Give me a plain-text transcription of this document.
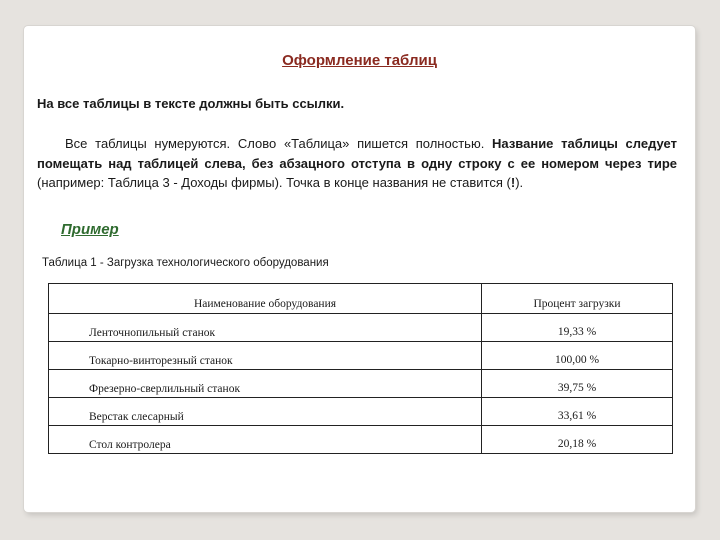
Оформление таблиц
На все таблицы в тексте должны быть ссылки.
Все таблицы нумеруются. Слово «Таблица» пишется полностью. Название таблицы следует помещать над таблицей слева, без абзацного отступа в одну строку с ее номером через тире (например: Таблица 3 - Доходы фирмы). Точка в конце названия не ставится (!).
Пример
Таблица 1 - Загрузка технологического оборудования
Наименование оборудования	Процент загрузки
Ленточнопильный станок	19,33 %
Токарно-винторезный станок	100,00 %
Фрезерно-сверлильный станок	39,75 %
Верстак слесарный	33,61 %
Стол контролера	20,18 %
